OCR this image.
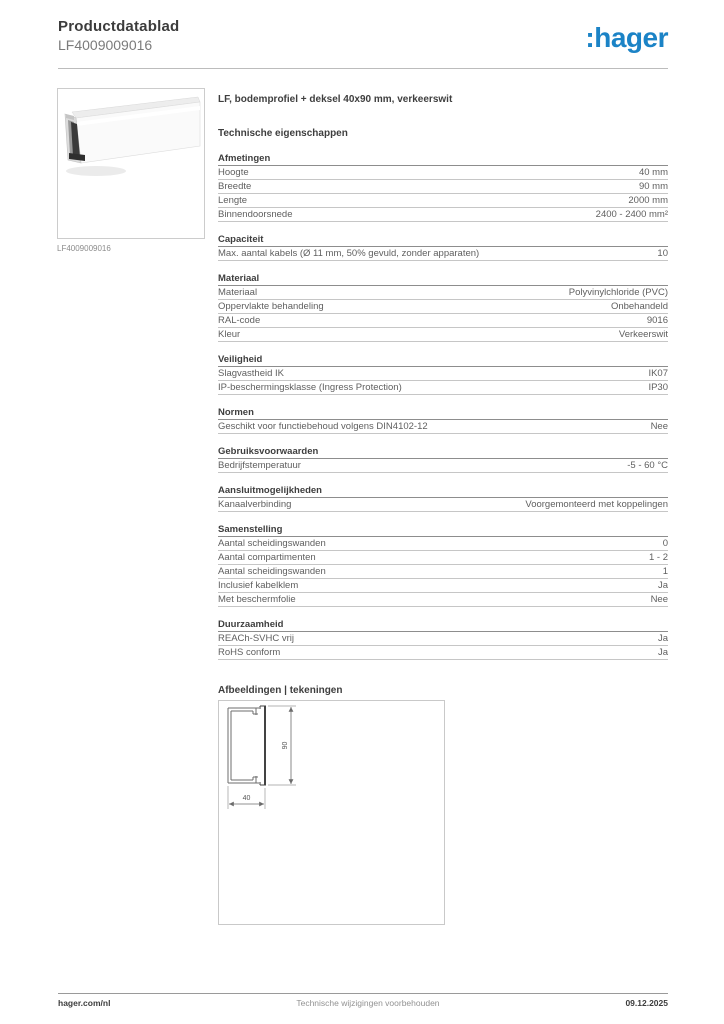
Productdatablad
LF4009009016	:hager
LF4009009016
LF, bodemprofiel + deksel 40x90 mm, verkeerswit
Technische eigenschappen
Afmetingen
Hoogte	40 mm
Breedte	90 mm
Lengte	2000 mm
Binnendoorsnede	2400 - 2400 mm²
Capaciteit
Max. aantal kabels (Ø 11 mm, 50% gevuld, zonder apparaten)	10
Materiaal
Materiaal	Polyvinylchloride (PVC)
Oppervlakte behandeling	Onbehandeld
RAL-code	9016
Kleur	Verkeerswit
Veiligheid
Slagvastheid IK	IK07
IP-beschermingsklasse (Ingress Protection)	IP30
Normen
Geschikt voor functiebehoud volgens DIN4102-12	Nee
Gebruiksvoorwaarden
Bedrijfstemperatuur	-5 - 60 °C
Aansluitmogelijkheden
Kanaalverbinding	Voorgemonteerd met koppelingen
Samenstelling
Aantal scheidingswanden	0
Aantal compartimenten	1 - 2
Aantal scheidingswanden	1
Inclusief kabelklem	Ja
Met beschermfolie	Nee
Duurzaamheid
REACh-SVHC vrij	Ja
RoHS conform	Ja
Afbeeldingen | tekeningen
90
40
hager.com/nl	Technische wijzigingen voorbehouden	09.12.2025
